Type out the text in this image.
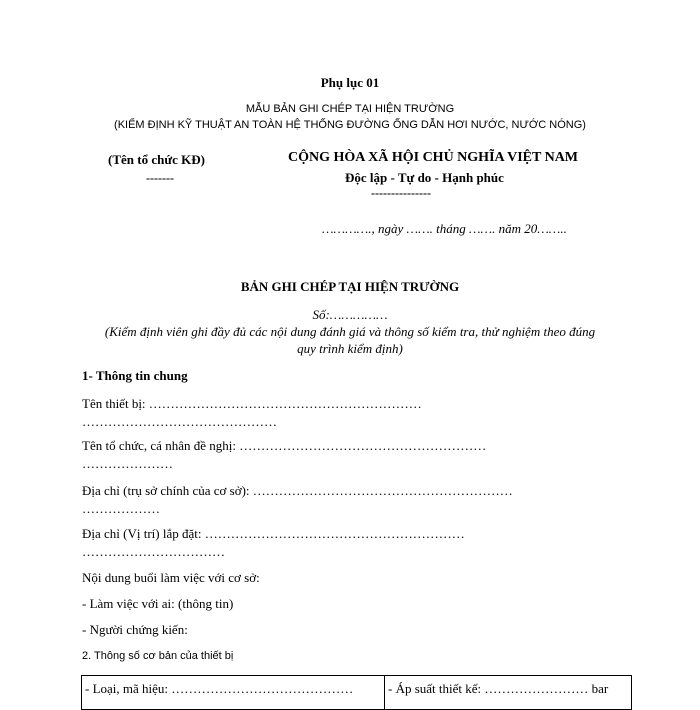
Phụ lục 01
MẪU BẢN GHI CHÉP TẠI HIỆN TRƯỜNG
(KIỂM ĐỊNH KỸ THUẬT AN TOÀN HỆ THỐNG ĐƯỜNG ỐNG DẪN HƠI NƯỚC, NƯỚC NÓNG)
(Tên tổ chức KĐ)
-------
CỘNG HÒA XÃ HỘI CHỦ NGHĨA VIỆT NAM
Độc lập - Tự do - Hạnh phúc
---------------
…………., ngày ……. tháng ……. năm 20……..
BẢN GHI CHÉP TẠI HIỆN TRƯỜNG
Số:……………
(Kiểm định viên ghi đầy đủ các nội dung đánh giá và thông số kiểm tra, thử nghiệm theo đúng
quy trình kiểm định)
1- Thông tin chung
Tên thiết bị: ………………………………………………………
………………………………………
Tên tổ chức, cá nhân đề nghị: …………………………………………………
…………………
Địa chỉ (trụ sở chính của cơ sở): ……………………………………………………
………………
Địa chỉ (Vị trí) lắp đặt: ……………………………………………………
……………………………
Nội dung buổi làm việc với cơ sở:
- Làm việc với ai: (thông tin)
- Người chứng kiến:
2. Thông số cơ bản của thiết bị
- Loại, mã hiệu: ……………………………………	- Áp suất thiết kế: …………………… bar
